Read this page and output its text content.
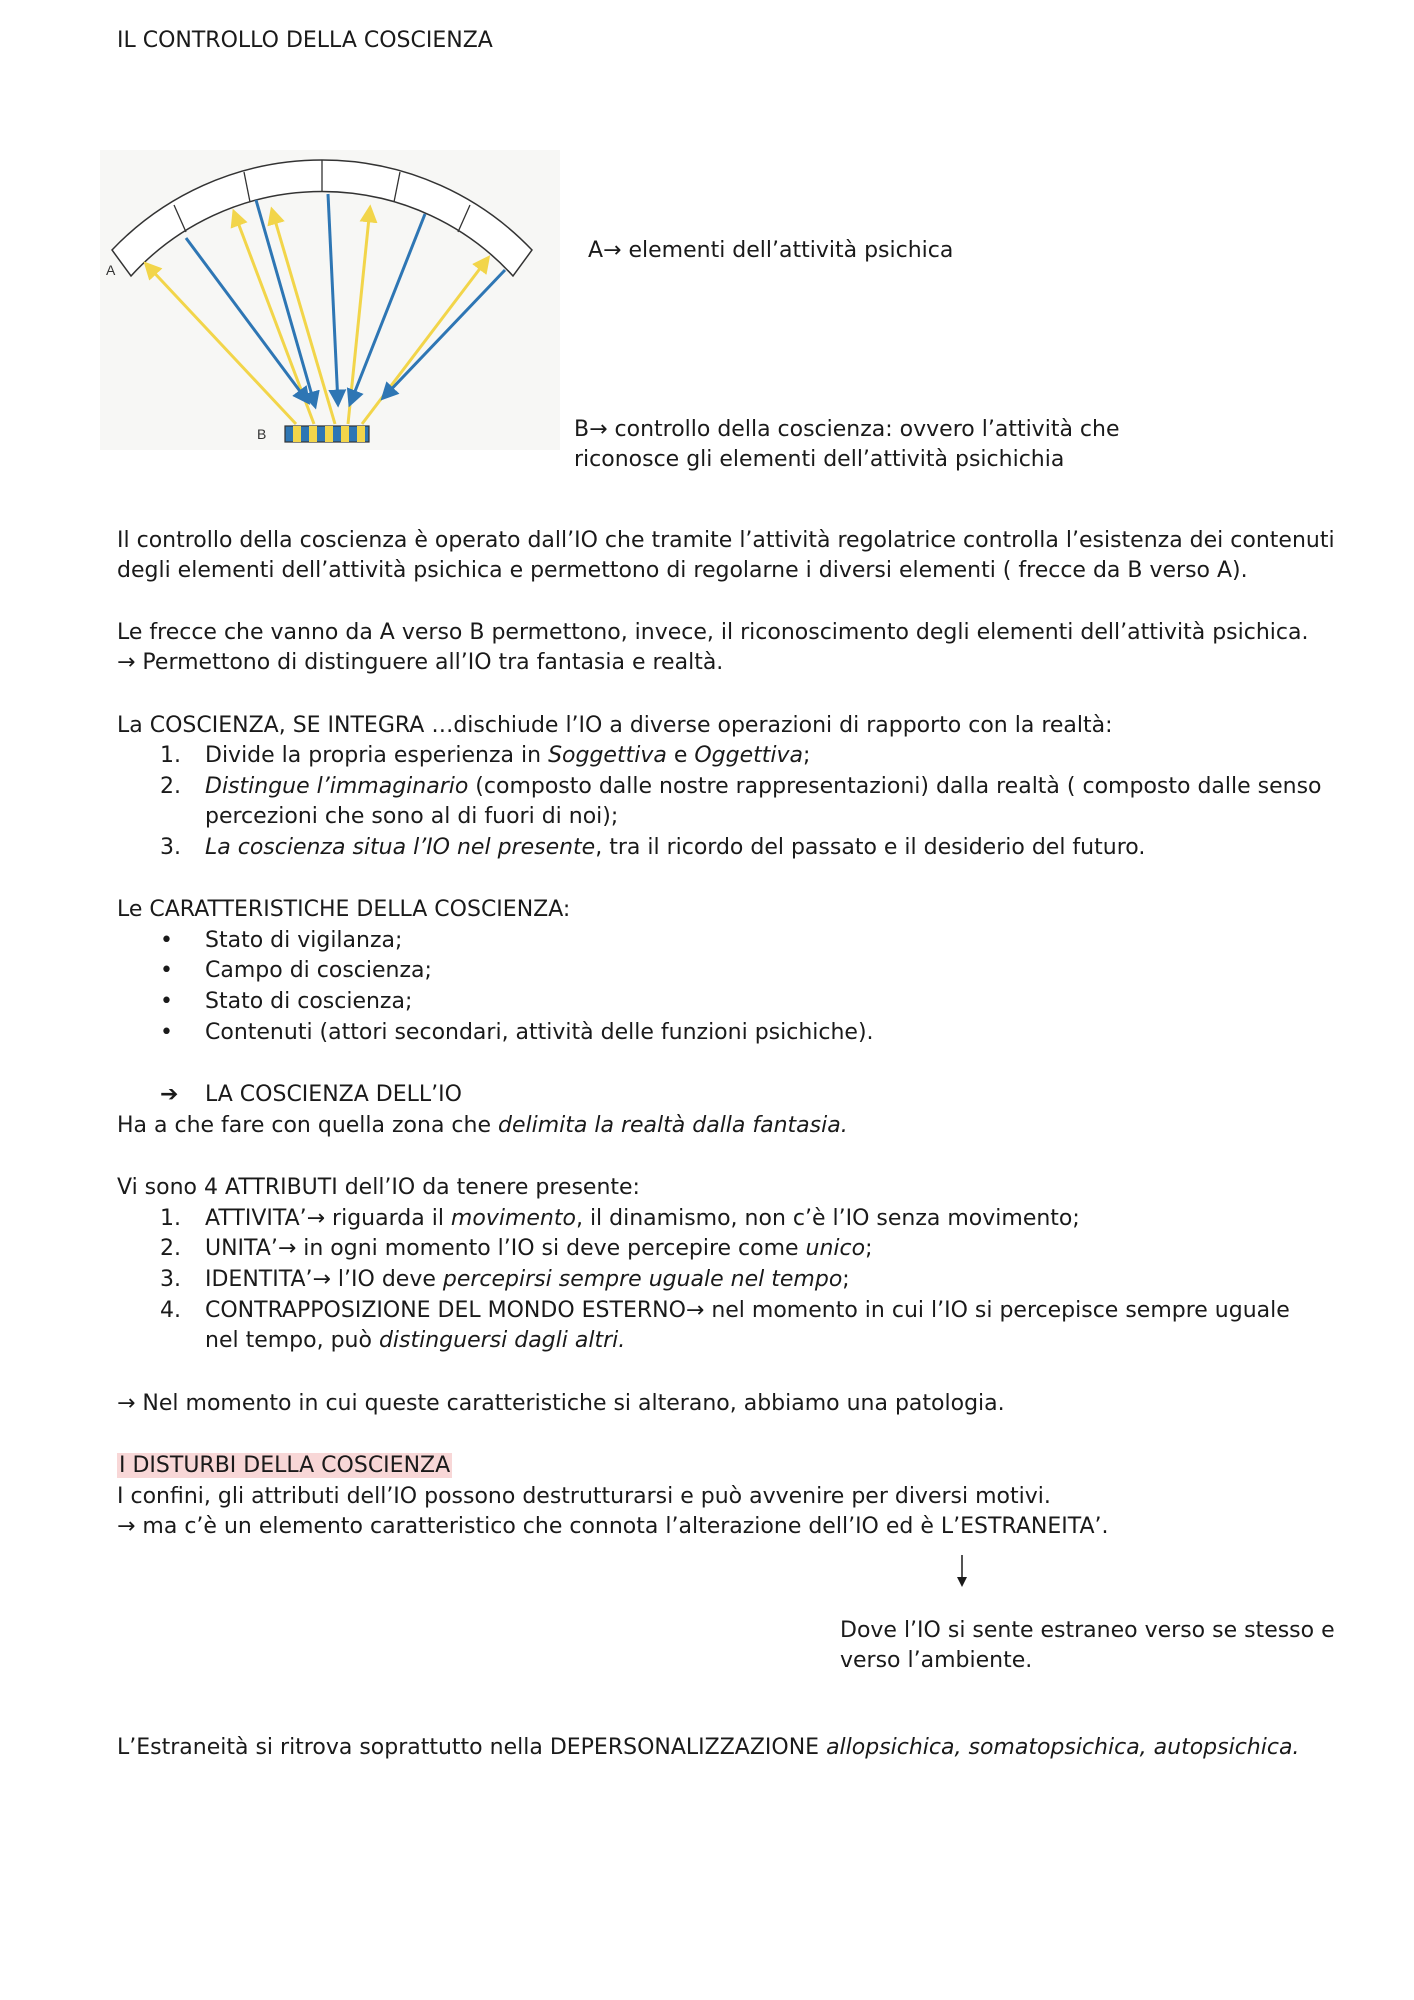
IL CONTROLLO DELLA COSCIENZA
A
B
A→ elementi dell’attività psichica
B→ controllo della coscienza: ovvero l’attività che
riconosce gli elementi dell’attività psichichia
Il controllo della coscienza è operato dall’IO che tramite l’attività regolatrice controlla l’esistenza dei contenuti
degli elementi dell’attività psichica e permettono di regolarne i diversi elementi ( frecce da B verso A).
Le frecce che vanno da A verso B permettono, invece, il riconoscimento degli elementi dell’attività psichica.
→ Permettono di distinguere all’IO tra fantasia e realtà.
La COSCIENZA, SE INTEGRA …dischiude l’IO a diverse operazioni di rapporto con la realtà:
1.	Divide la propria esperienza in Soggettiva e Oggettiva;
2.	Distingue l’immaginario (composto dalle nostre rappresentazioni) dalla realtà ( composto dalle senso
percezioni che sono al di fuori di noi);
3.	La coscienza situa l’IO nel presente, tra il ricordo del passato e il desiderio del futuro.
Le CARATTERISTICHE DELLA COSCIENZA:
• Stato di vigilanza;
• Campo di coscienza;
• Stato di coscienza;
• Contenuti (attori secondari, attività delle funzioni psichiche).
➔ LA COSCIENZA DELL’IO
Ha a che fare con quella zona che delimita la realtà dalla fantasia.
Vi sono 4 ATTRIBUTI dell’IO da tenere presente:
1.	ATTIVITA’→ riguarda il movimento, il dinamismo, non c’è l’IO senza movimento;
2.	UNITA’→ in ogni momento l’IO si deve percepire come unico;
3.	IDENTITA’→ l’IO deve percepirsi sempre uguale nel tempo;
4.	CONTRAPPOSIZIONE DEL MONDO ESTERNO→ nel momento in cui l’IO si percepisce sempre uguale
nel tempo, può distinguersi dagli altri.
→ Nel momento in cui queste caratteristiche si alterano, abbiamo una patologia.
I DISTURBI DELLA COSCIENZA
I confini, gli attributi dell’IO possono destrutturarsi e può avvenire per diversi motivi.
→ ma c’è un elemento caratteristico che connota l’alterazione dell’IO ed è L’ESTRANEITA’.
Dove l’IO si sente estraneo verso se stesso e
verso l’ambiente.
L’Estraneità si ritrova soprattutto nella DEPERSONALIZZAZIONE allopsichica, somatopsichica, autopsichica.
